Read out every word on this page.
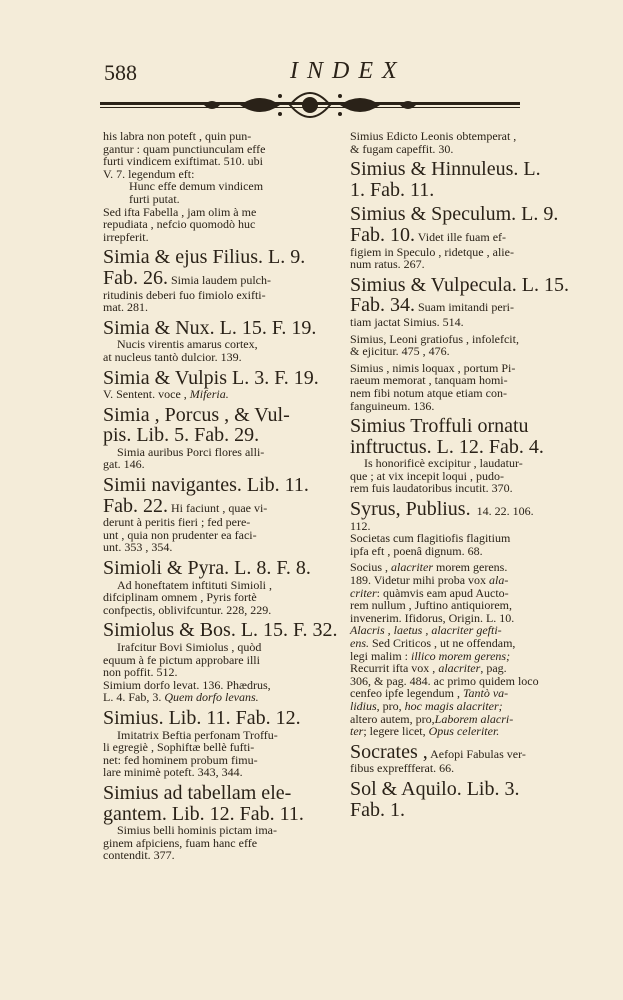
588	INDEX
his labra non poteft , quin pun-
gantur : quam punctiunculam effe
furti vindicem exiftimat. 510. ubi
V. 7. legendum eft:
Hunc effe demum vindicem
furti putat.
Sed ifta Fabella , jam olim à me
repudiata , nefcio quomodò huc
irrepferit.
Simia & ejus Filius. L. 9.
Fab. 26. Simia laudem pulch-
ritudinis deberi fuo fimiolo exifti-
mat. 281.
Simia & Nux. L. 15. F. 19.
Nucis virentis amarus cortex,
at nucleus tantò dulcior. 139.
Simia & Vulpis L. 3. F. 19.
V. Sentent. voce , Miferia.
Simia , Porcus , & Vul-
pis. Lib. 5. Fab. 29.
Simia auribus Porci flores alli-
gat. 146.
Simii navigantes. Lib. 11.
Fab. 22. Hi faciunt , quae vi-
derunt à peritis fieri ; fed pere-
unt , quia non prudenter ea faci-
unt. 353 , 354.
Simioli & Pyra. L. 8. F. 8.
Ad honeftatem inftituti Simioli ,
difciplinam omnem , Pyris fortè
confpectis, oblivifcuntur. 228, 229.
Simiolus & Bos. L. 15. F. 32.
Irafcitur Bovi Simiolus , quòd
equum à fe pictum approbare illi
non poffit. 512.
Simium dorfo levat. 136. Phædrus,
L. 4. Fab, 3. Quem dorfo levans.
Simius. Lib. 11. Fab. 12.
Imitatrix Beftia perfonam Troffu-
li egregiè , Sophiftæ bellè fufti-
net: fed hominem probum fimu-
lare minimè poteft. 343, 344.
Simius ad tabellam ele-
gantem. Lib. 12. Fab. 11.
Simius belli hominis pictam ima-
ginem afpiciens, fuam hanc effe
contendit. 377.
Simius Edicto Leonis obtemperat ,
& fugam capeffit. 30.
Simius & Hinnuleus. L.
1. Fab. 11.
Simius & Speculum. L. 9.
Fab. 10. Videt ille fuam ef-
figiem in Speculo , ridetque , alie-
num ratus. 267.
Simius & Vulpecula. L. 15.
Fab. 34. Suam imitandi peri-
tiam jactat Simius. 514.
Simius, Leoni gratiofus , infolefcit,
& ejicitur. 475 , 476.
Simius , nimis loquax , portum Pi-
raeum memorat , tanquam homi-
nem fibi notum atque etiam con-
fanguineum. 136.
Simius Troffuli ornatu
inftructus. L. 12. Fab. 4.
Is honorificè excipitur , laudatur-
que ; at vix incepit loqui , pudo-
rem fuis laudatoribus incutit. 370.
Syrus, Publius. 14. 22. 106.
112.
Societas cum flagitiofis flagitium
ipfa eft , poenâ dignum. 68.
Socius , alacriter morem gerens.
189. Videtur mihi proba vox ala-
criter: quàmvis eam apud Aucto-
rem nullum , Juftino antiquiorem,
invenerim. Ifidorus, Origin. L. 10.
Alacris , laetus , alacriter gefti-
ens. Sed Criticos , ut ne offendam,
legi malim : illico morem gerens;
Recurrit ifta vox , alacriter, pag.
306, & pag. 484. ac primo quidem loco
cenfeo ipfe legendum , Tantò va-
lidius, pro, hoc magis alacriter;
altero autem, pro,Laborem alacri-
ter; legere licet, Opus celeriter.
Socrates , Aefopi Fabulas ver-
fibus expreffferat. 66.
Sol & Aquilo. Lib. 3.
Fab. 1.
